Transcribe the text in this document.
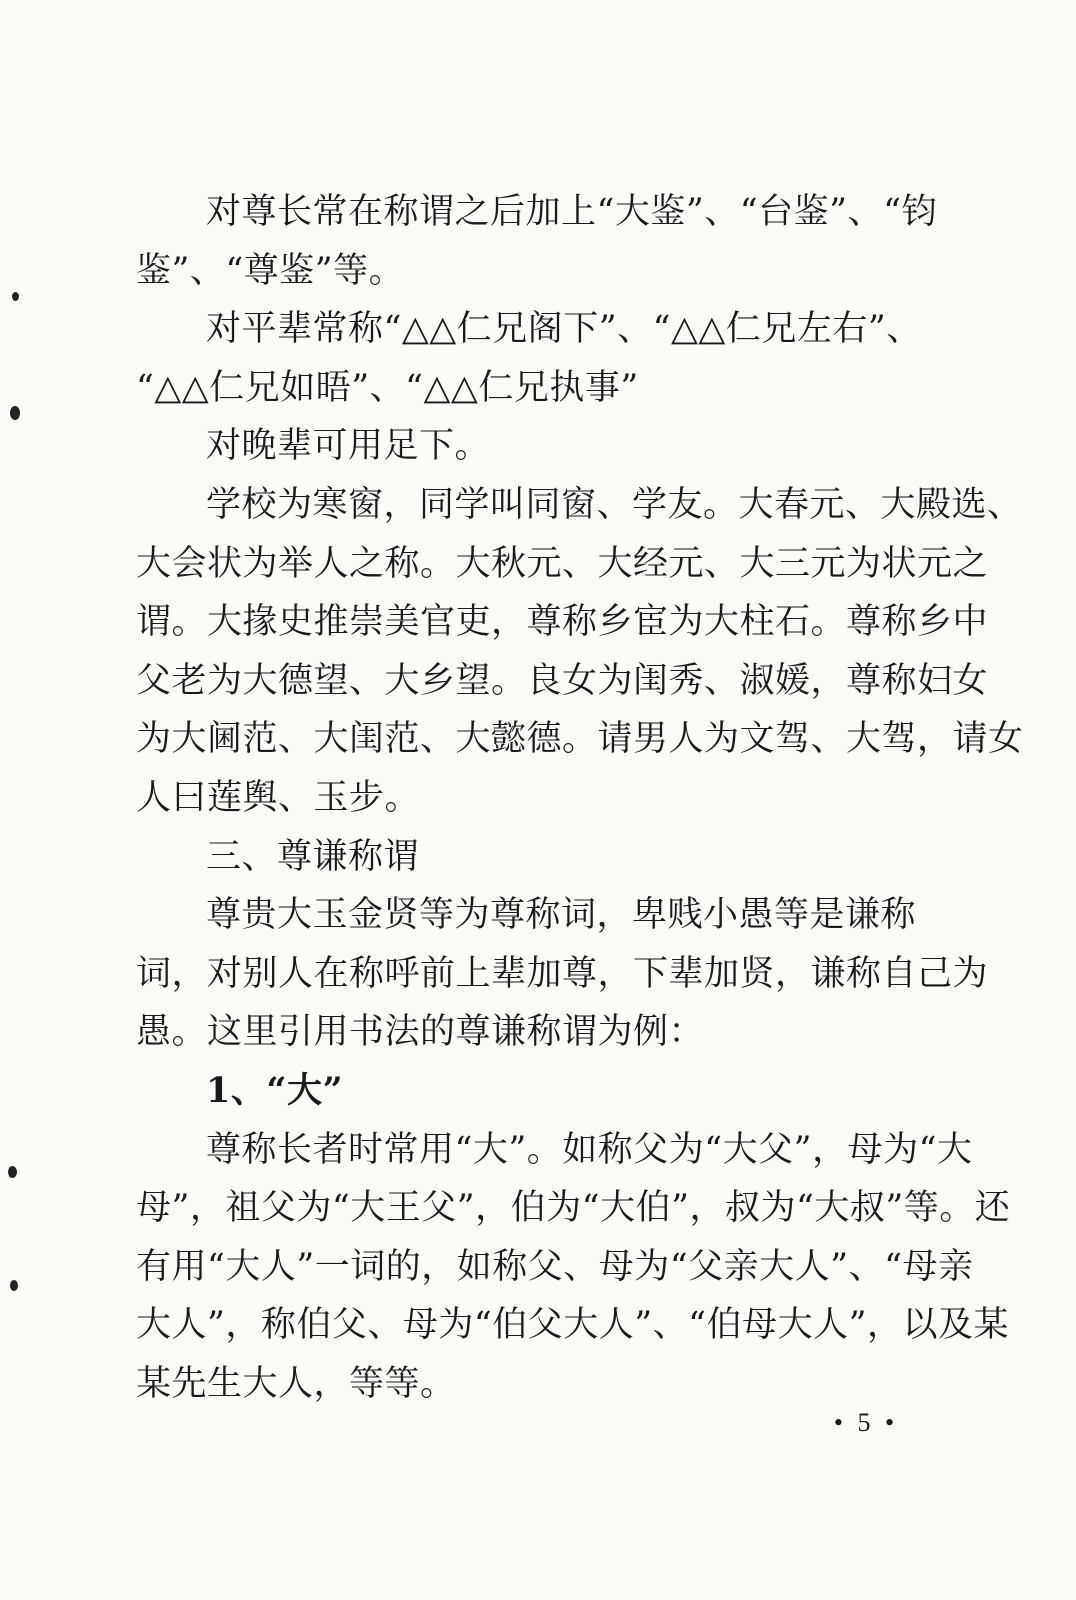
对尊长常在称谓之后加上“大鉴”、“台鉴”、“钧
鉴”、“尊鉴”等。
对平辈常称“△△仁兄阁下”、“△△仁兄左右”、
“△△仁兄如晤”、“△△仁兄执事”
对晚辈可用足下。
学校为寒窗，同学叫同窗、学友。大春元、大殿选、
大会状为举人之称。大秋元、大经元、大三元为状元之
谓。大掾史推崇美官吏，尊称乡宦为大柱石。尊称乡中
父老为大德望、大乡望。良女为闺秀、淑媛，尊称妇女
为大阃范、大闺范、大懿德。请男人为文驾、大驾，请女
人曰莲舆、玉步。
三、尊谦称谓
尊贵大玉金贤等为尊称词，卑贱小愚等是谦称
词，对别人在称呼前上辈加尊，下辈加贤，谦称自己为
愚。这里引用书法的尊谦称谓为例：
1、“大”
尊称长者时常用“大”。如称父为“大父”，母为“大
母”，祖父为“大王父”，伯为“大伯”，叔为“大叔”等。还
有用“大人”一词的，如称父、母为“父亲大人”、“母亲
大人”，称伯父、母为“伯父大人”、“伯母大人”，以及某
某先生大人，等等。
• 5 •
